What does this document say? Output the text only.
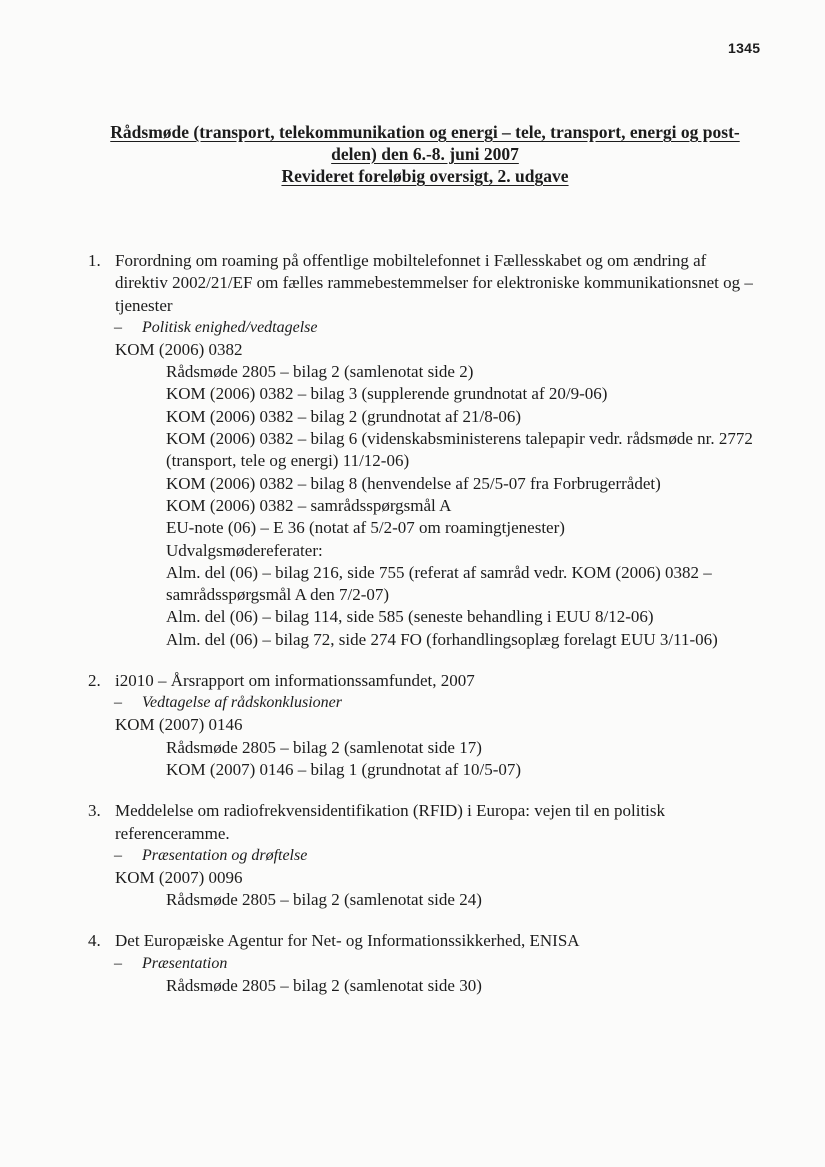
1345
Rådsmøde (transport, telekommunikation og energi – tele, transport, energi og post-
delen) den 6.-8. juni 2007
Revideret foreløbig oversigt, 2. udgave
1. Forordning om roaming på offentlige mobiltelefonnet i Fællesskabet og om ændring af direktiv 2002/21/EF om fælles rammebestemmelser for elektroniske kommunikationsnet og –tjenester
– Politisk enighed/vedtagelse
KOM (2006) 0382
Rådsmøde 2805 – bilag 2 (samlenotat side 2)
KOM (2006) 0382 – bilag 3 (supplerende grundnotat af 20/9-06)
KOM (2006) 0382 – bilag 2 (grundnotat af 21/8-06)
KOM (2006) 0382 – bilag 6 (videnskabsministerens talepapir vedr. rådsmøde nr. 2772 (transport, tele og energi) 11/12-06)
KOM (2006) 0382 – bilag 8 (henvendelse af 25/5-07 fra Forbrugerrådet)
KOM (2006) 0382 – samrådsspørgsmål A
EU-note (06) – E 36 (notat af 5/2-07 om roamingtjenester)
Udvalgsmødereferater:
Alm. del (06) – bilag 216, side 755 (referat af samråd vedr. KOM (2006) 0382 – samrådsspørgsmål A den 7/2-07)
Alm. del (06) – bilag 114, side 585 (seneste behandling i EUU 8/12-06)
Alm. del (06) – bilag 72, side 274 FO (forhandlingsoplæg forelagt EUU 3/11-06)
2. i2010 – Årsrapport om informationssamfundet, 2007
– Vedtagelse af rådskonklusioner
KOM (2007) 0146
Rådsmøde 2805 – bilag 2 (samlenotat side 17)
KOM (2007) 0146 – bilag 1 (grundnotat af 10/5-07)
3. Meddelelse om radiofrekvensidentifikation (RFID) i Europa: vejen til en politisk referenceramme.
– Præsentation og drøftelse
KOM (2007) 0096
Rådsmøde 2805 – bilag 2 (samlenotat side 24)
4. Det Europæiske Agentur for Net- og Informationssikkerhed, ENISA
– Præsentation
Rådsmøde 2805 – bilag 2 (samlenotat side 30)
